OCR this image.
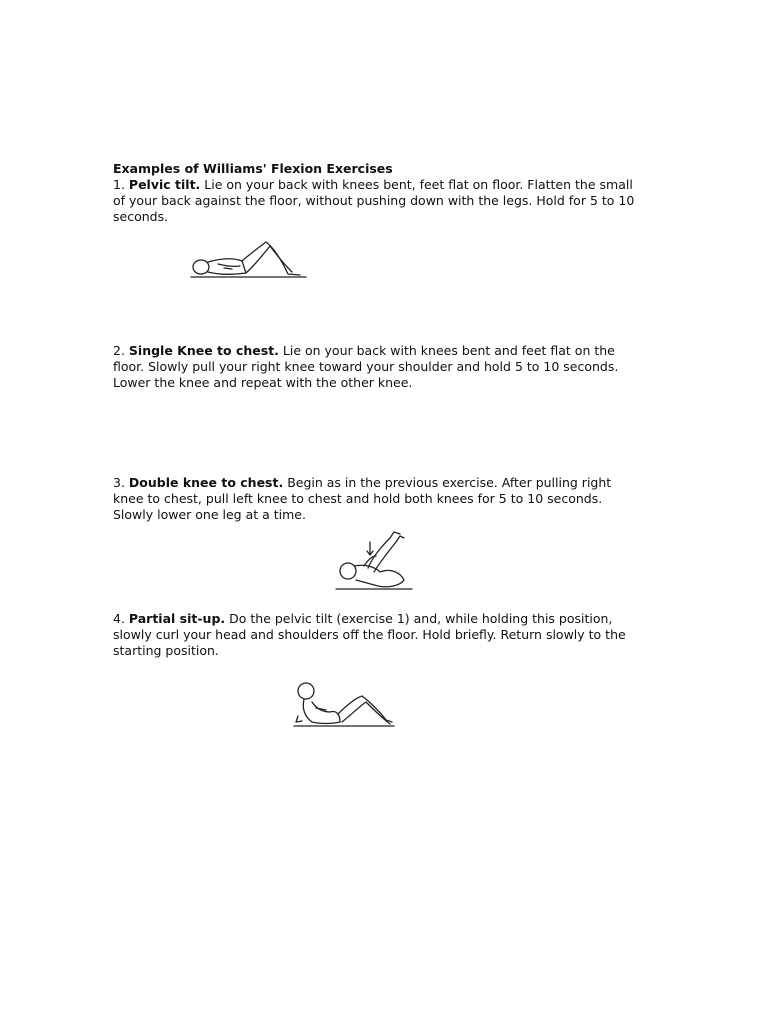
Examples of Williams' Flexion Exercises
1. Pelvic tilt. Lie on your back with knees bent, feet flat on floor. Flatten the small
of your back against the floor, without pushing down with the legs. Hold for 5 to 10
seconds.
2. Single Knee to chest. Lie on your back with knees bent and feet flat on the
floor. Slowly pull your right knee toward your shoulder and hold 5 to 10 seconds.
Lower the knee and repeat with the other knee.
3. Double knee to chest. Begin as in the previous exercise. After pulling right
knee to chest, pull left knee to chest and hold both knees for 5 to 10 seconds.
Slowly lower one leg at a time.
4. Partial sit-up. Do the pelvic tilt (exercise 1) and, while holding this position,
slowly curl your head and shoulders off the floor. Hold briefly. Return slowly to the
starting position.
